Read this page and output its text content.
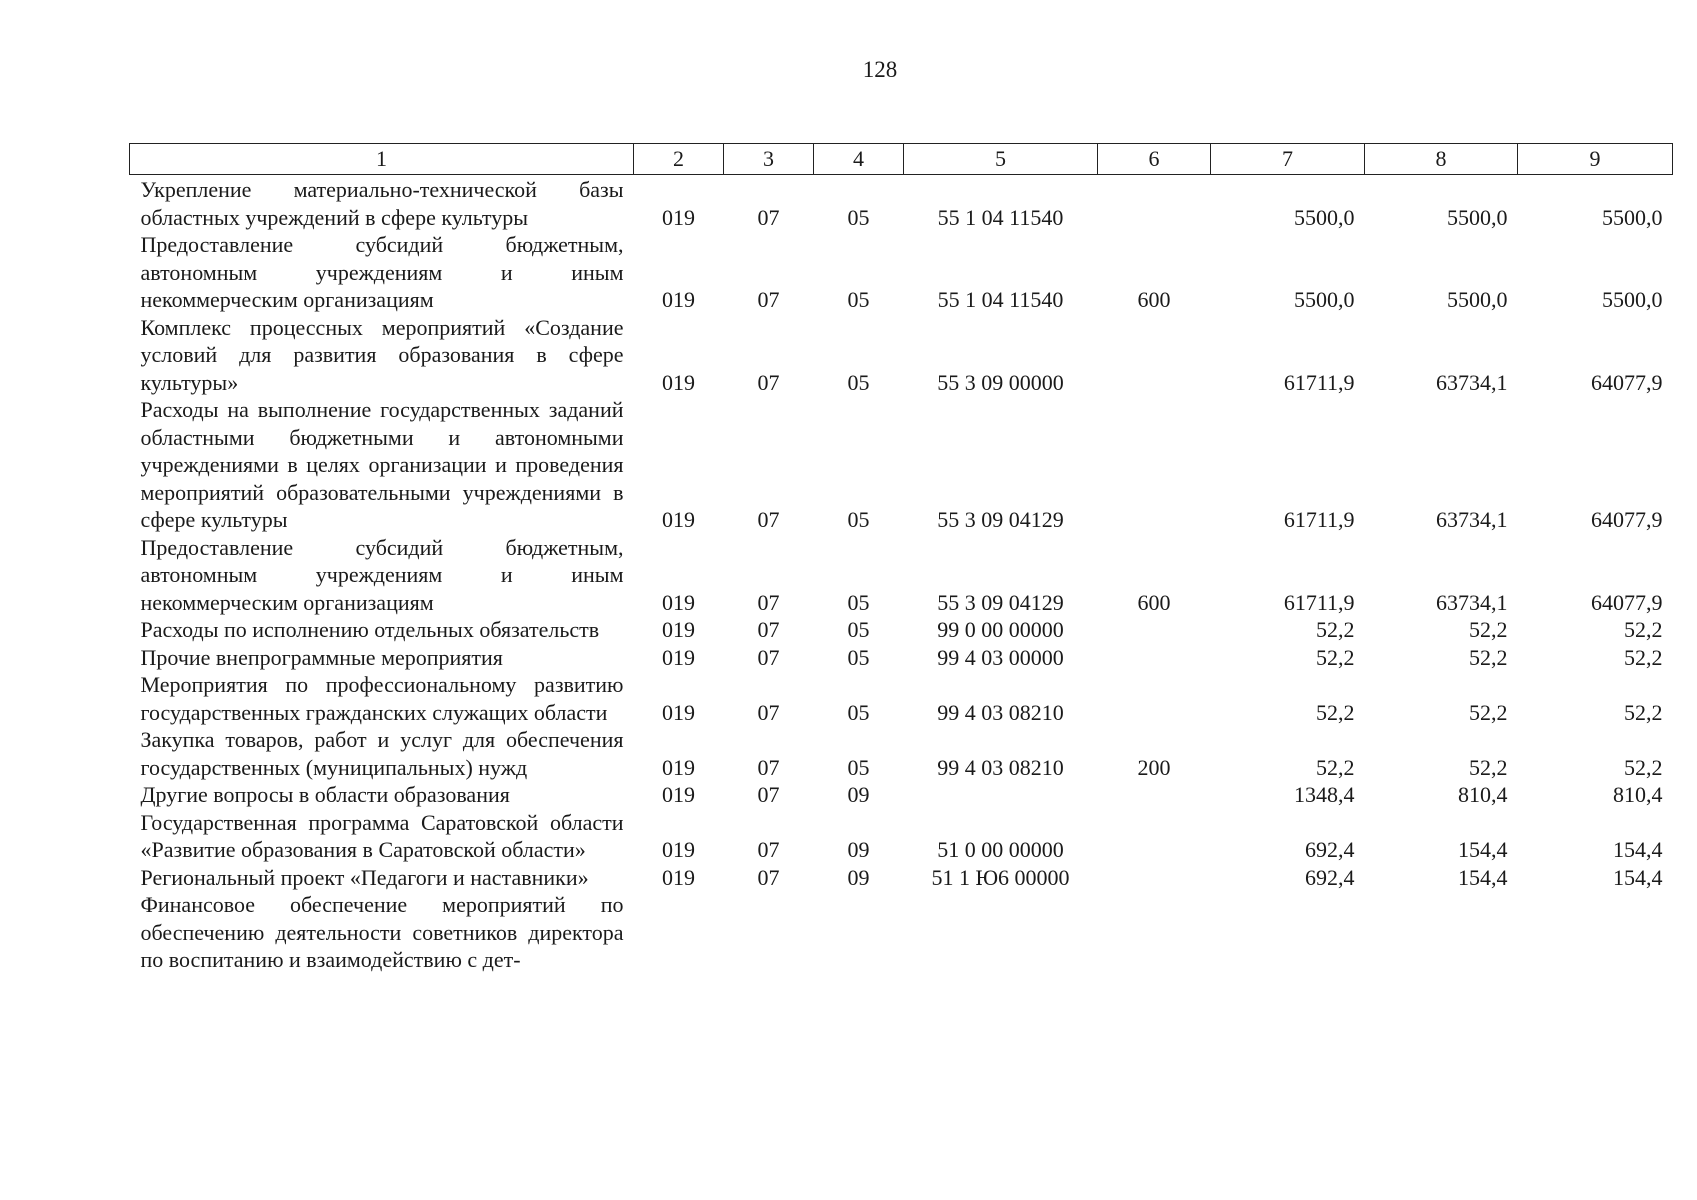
128
1	2	3	4	5	6	7	8	9
Укрепление материально-технической базы областных учреждений в сфере культуры	019	07	05	55 1 04 11540		5500,0	5500,0	5500,0
Предоставление субсидий бюджетным, автономным учреждениям и иным некоммерческим организациям	019	07	05	55 1 04 11540	600	5500,0	5500,0	5500,0
Комплекс процессных мероприятий «Создание условий для развития образования в сфере культуры»	019	07	05	55 3 09 00000		61711,9	63734,1	64077,9
Расходы на выполнение государственных заданий областными бюджетными и автономными учреждениями в целях организации и проведения мероприятий образовательными учреждениями в сфере культуры	019	07	05	55 3 09 04129		61711,9	63734,1	64077,9
Предоставление субсидий бюджетным, автономным учреждениям и иным некоммерческим организациям	019	07	05	55 3 09 04129	600	61711,9	63734,1	64077,9
Расходы по исполнению отдельных обязательств	019	07	05	99 0 00 00000		52,2	52,2	52,2
Прочие внепрограммные мероприятия	019	07	05	99 4 03 00000		52,2	52,2	52,2
Мероприятия по профессиональному развитию государственных гражданских служащих области	019	07	05	99 4 03 08210		52,2	52,2	52,2
Закупка товаров, работ и услуг для обеспечения государственных (муниципальных) нужд	019	07	05	99 4 03 08210	200	52,2	52,2	52,2
Другие вопросы в области образования	019	07	09			1348,4	810,4	810,4
Государственная программа Саратовской области «Развитие образования в Саратовской области»	019	07	09	51 0 00 00000		692,4	154,4	154,4
Региональный проект «Педагоги и наставники»	019	07	09	51 1 Ю6 00000		692,4	154,4	154,4
Финансовое обеспечение мероприятий по обеспечению деятельности советников директора по воспитанию и взаимодействию с дет-								
